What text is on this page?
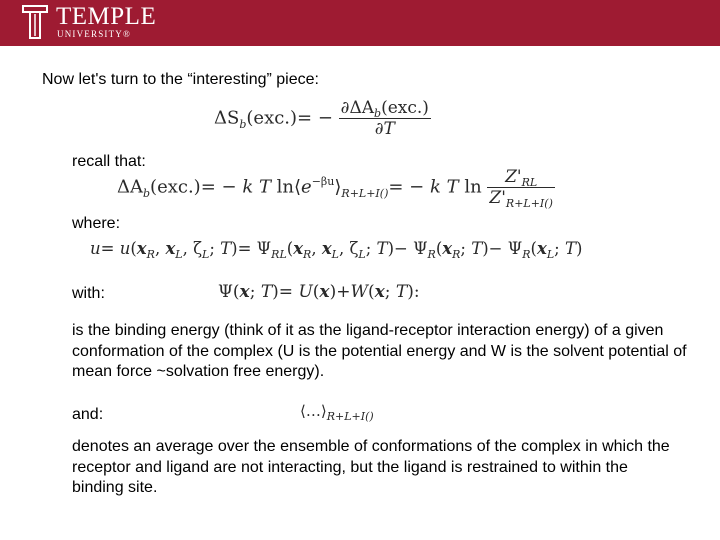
TEMPLE
UNIVERSITY®
Now let's turn to the “interesting” piece:
$\Delta S_b(exc.)= - \frac{\partial\Delta A_b(exc.)}{\partial T}$
recall that:
$\Delta A_b(exc.)= - k$ T $\ln⟨e^{-\beta u}⟩_{R+L+I()}= - k$ T $\ln \frac{Z'_{RL}}{Z'_{R+L+I()}}$
where:
$u= u(x_R$, $x_L$, $\zeta_L$; $T)= \Psi_{RL}(x_R$, $x_L$, $\zeta_L$; $T)- \Psi_R(x_R$; $T)- \Psi_R(x_L$; T)
with:	Ψ(x; T)= U(x)+W(x; T):
is the binding energy (think of it as the ligand-receptor interaction energy) of a given conformation of the complex (U is the potential energy and W is the solvent potential of mean force ~solvation free energy).
and:	$⟨\dots⟩_{R+L+I()}$
denotes an average over the ensemble of conformations of the complex in which the receptor and ligand are not interacting, but the ligand is restrained to within the binding site.
